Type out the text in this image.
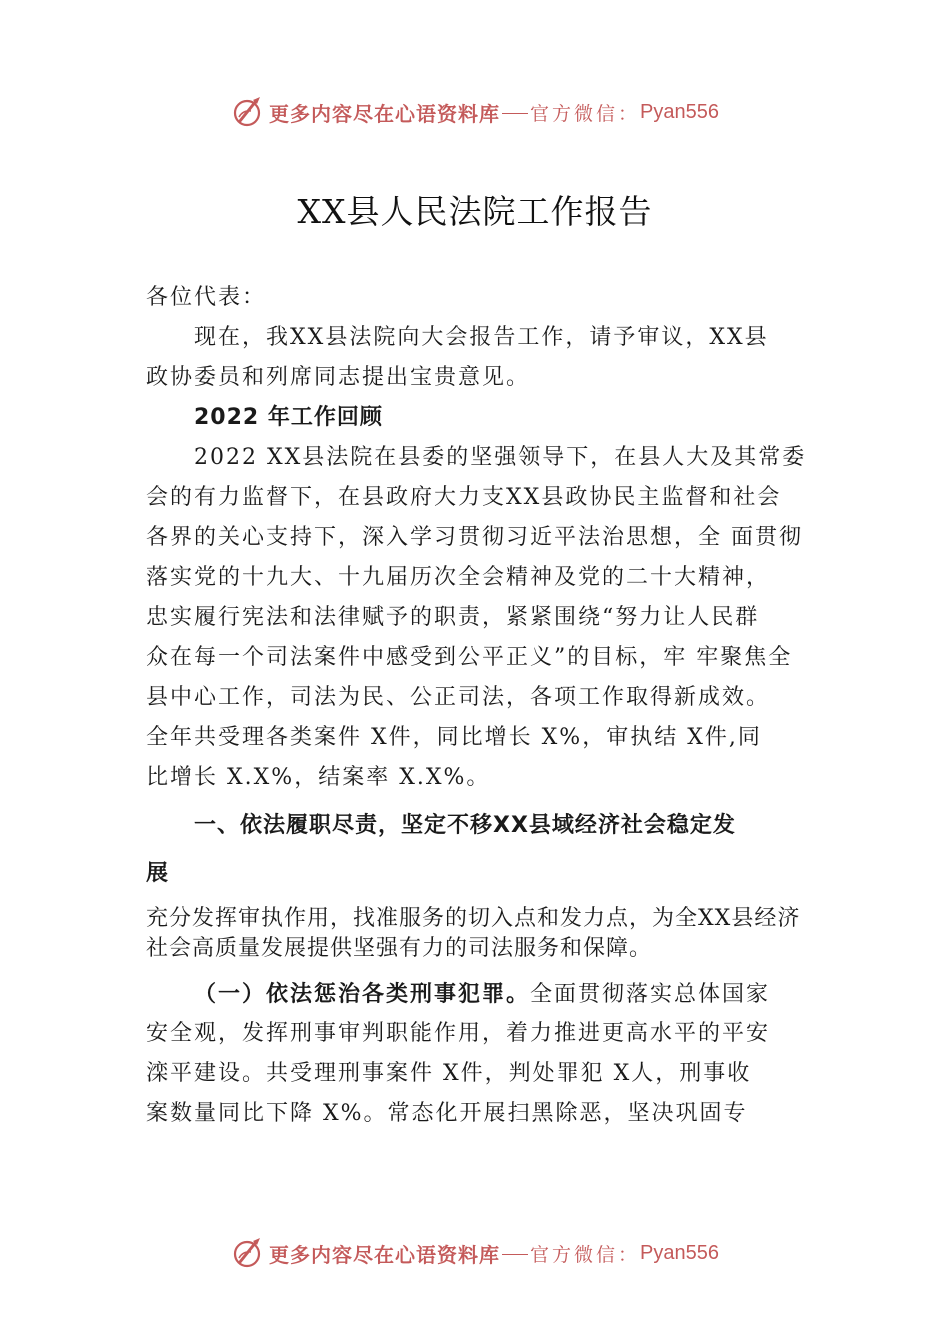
更多内容尽在心语资料库 官方微信： Pyan556
XX县人民法院工作报告
各位代表：
现在，我XX县法院向大会报告工作，请予审议，XX县
政协委员和列席同志提出宝贵意见。
2022 年工作回顾
2022 XX县法院在县委的坚强领导下，在县人大及其常委
会的有力监督下，在县政府大力支XX县政协民主监督和社会
各界的关心支持下，深入学习贯彻习近平法治思想，全 面贯彻
落实党的十九大、十九届历次全会精神及党的二十大精神，
忠实履行宪法和法律赋予的职责，紧紧围绕“努力让人民群
众在每一个司法案件中感受到公平正义”的目标，牢 牢聚焦全
县中心工作，司法为民、公正司法，各项工作取得新成效。
全年共受理各类案件 X件，同比增长 X%，审执结 X件,同
比增长 X.X%，结案率 X.X%。
一、依法履职尽责，坚定不移XX县域经济社会稳定发
展
充分发挥审执作用，找准服务的切入点和发力点，为全XX县经济
社会高质量发展提供坚强有力的司法服务和保障。
（一）依法惩治各类刑事犯罪。全面贯彻落实总体国家
安全观，发挥刑事审判职能作用，着力推进更高水平的平安
滦平建设。共受理刑事案件 X件，判处罪犯 X人，刑事收
案数量同比下降 X%。常态化开展扫黑除恶，坚决巩固专
更多内容尽在心语资料库 官方微信： Pyan556
